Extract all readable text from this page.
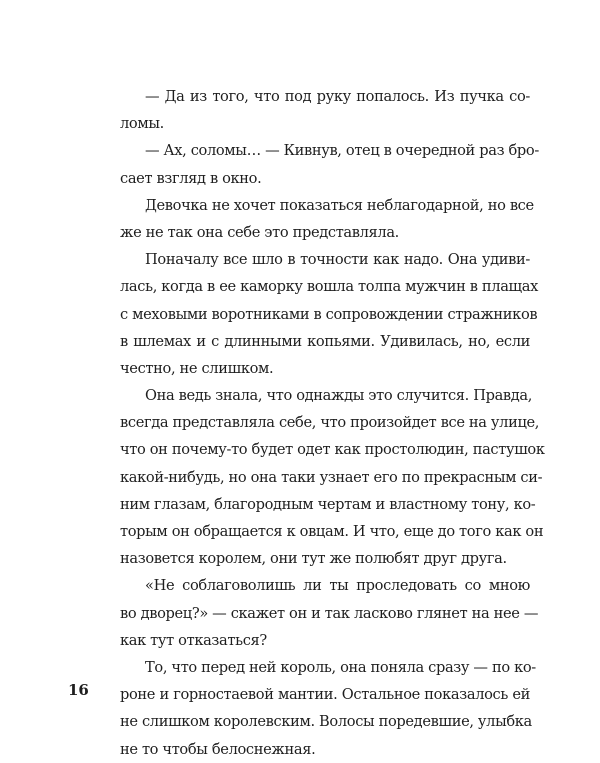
— Да из того, что под руку попалось. Из пучка со-
ломы.
— Ах, соломы… — Кивнув, отец в очередной раз бро-
сает взгляд в окно.
Девочка не хочет показаться неблагодарной, но все
же не так она себе это представляла.
Поначалу все шло в точности как надо. Она удиви-
лась, когда в ее каморку вошла толпа мужчин в плащах
с меховыми воротниками в сопровождении стражников
в шлемах и с длинными копьями. Удивилась, но, если
честно, не слишком.
Она ведь знала, что однажды это случится. Правда,
всегда представляла себе, что произойдет все на улице,
что он почему-то будет одет как простолюдин, пастушок
какой-нибудь, но она таки узнает его по прекрасным си-
ним глазам, благородным чертам и властному тону, ко-
торым он обращается к овцам. И что, еще до того как он
назовется королем, они тут же полюбят друг друга.
«Не соблаговолишь ли ты проследовать со мною
во дворец?» — скажет он и так ласково глянет на нее —
как тут отказаться?
То, что перед ней король, она поняла сразу — по ко-
роне и горностаевой мантии. Остальное показалось ей
не слишком королевским. Волосы поредевшие, улыбка
не то чтобы белоснежная.
16
